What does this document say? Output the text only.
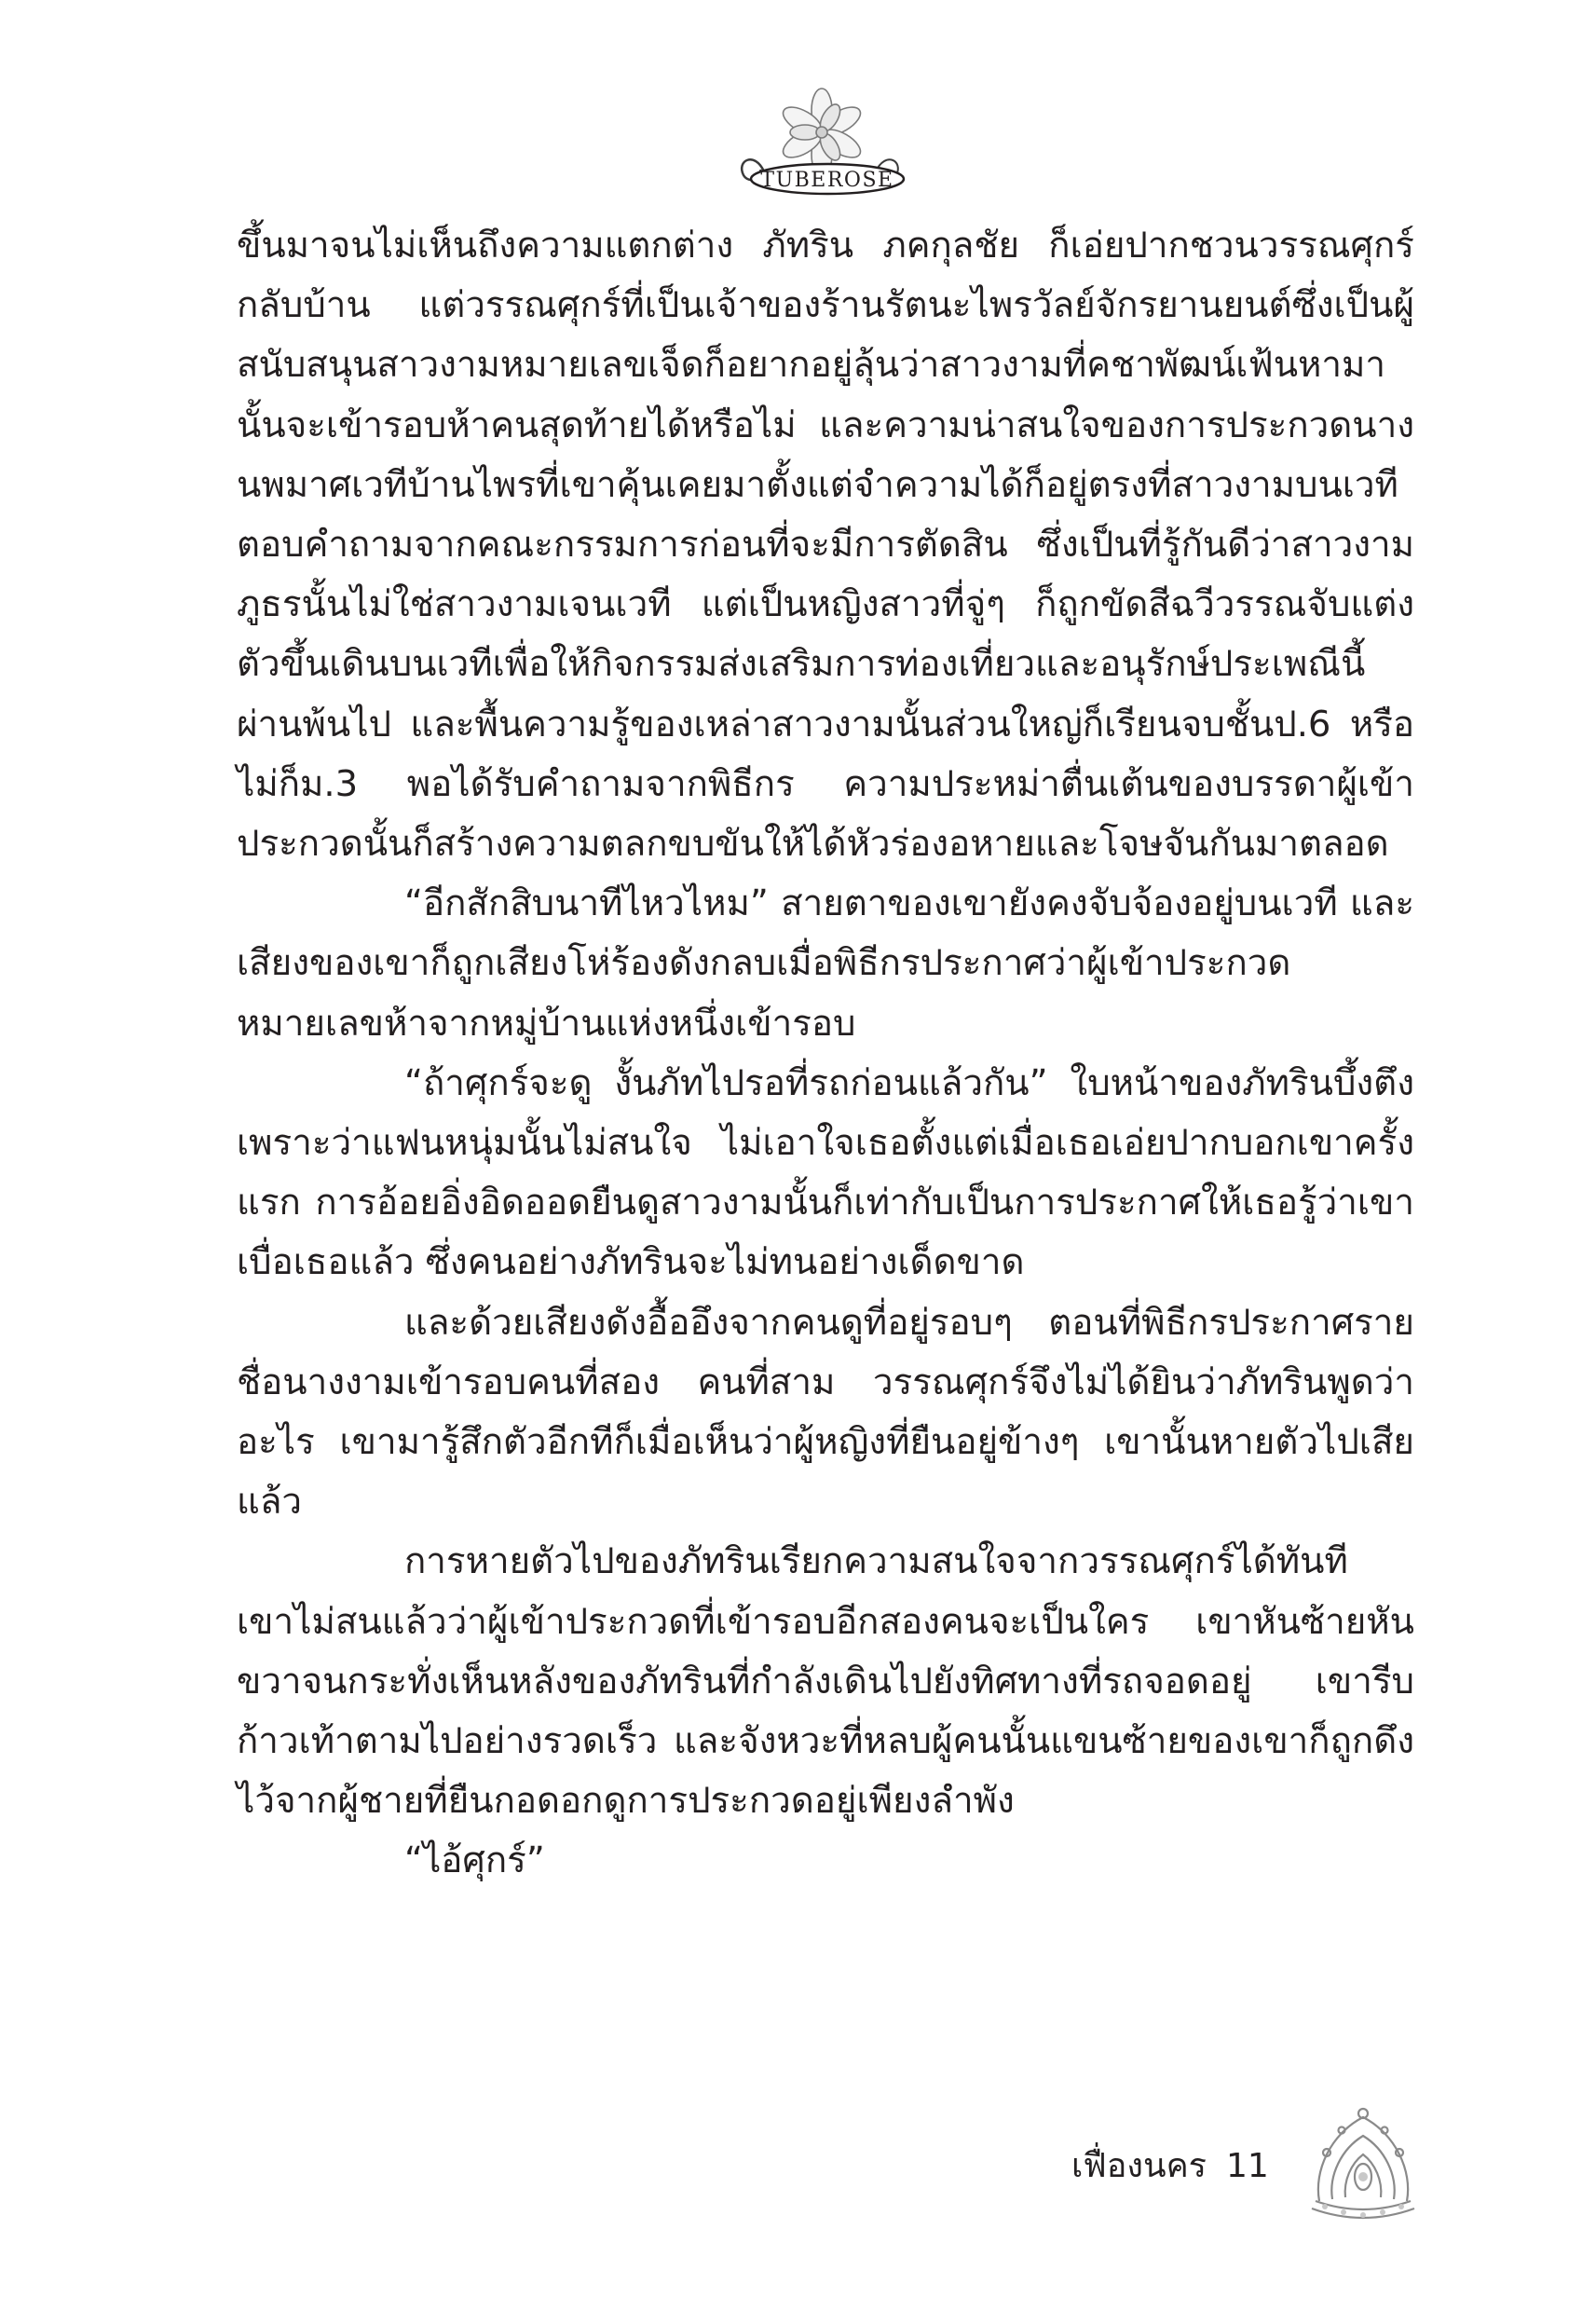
TUBEROSE

ขึ้นมาจนไม่เห็นถึงความแตกต่าง ภัทริน ภคกุลชัย ก็เอ่ยปากชวนวรรณศุกร์กลับบ้าน แต่วรรณศุกร์ที่เป็นเจ้าของร้านรัตนะไพรวัลย์จักรยานยนต์ซึ่งเป็นผู้สนับสนุนสาวงามหมายเลขเจ็ดก็อยากอยู่ลุ้นว่าสาวงามที่คชาพัฒน์เฟ้นหามานั้นจะเข้ารอบห้าคนสุดท้ายได้หรือไม่ และความน่าสนใจของการประกวดนางนพมาศเวทีบ้านไพรที่เขาคุ้นเคยมาตั้งแต่จำความได้ก็อยู่ตรงที่สาวงามบนเวทีตอบคำถามจากคณะกรรมการก่อนที่จะมีการตัดสิน ซึ่งเป็นที่รู้กันดีว่าสาวงามภูธรนั้นไม่ใช่สาวงามเจนเวที แต่เป็นหญิงสาวที่จู่ๆ ก็ถูกขัดสีฉวีวรรณจับแต่งตัวขึ้นเดินบนเวทีเพื่อให้กิจกรรมส่งเสริมการท่องเที่ยวและอนุรักษ์ประเพณีนี้ผ่านพ้นไป และพื้นความรู้ของเหล่าสาวงามนั้นส่วนใหญ่ก็เรียนจบชั้นป.6 หรือไม่ก็ม.3 พอได้รับคำถามจากพิธีกร ความประหม่าตื่นเต้นของบรรดาผู้เข้าประกวดนั้นก็สร้างความตลกขบขันให้ได้หัวร่องอหายและโจษจันกันมาตลอด

“อีกสักสิบนาทีไหวไหม” สายตาของเขายังคงจับจ้องอยู่บนเวที และเสียงของเขาก็ถูกเสียงโห่ร้องดังกลบเมื่อพิธีกรประกาศว่าผู้เข้าประกวดหมายเลขห้าจากหมู่บ้านแห่งหนึ่งเข้ารอบ

“ถ้าศุกร์จะดู งั้นภัทไปรอที่รถก่อนแล้วกัน” ใบหน้าของภัทรินบึ้งตึงเพราะว่าแฟนหนุ่มนั้นไม่สนใจ ไม่เอาใจเธอตั้งแต่เมื่อเธอเอ่ยปากบอกเขาครั้งแรก การอ้อยอิ่งอิดออดยืนดูสาวงามนั้นก็เท่ากับเป็นการประกาศให้เธอรู้ว่าเขาเบื่อเธอแล้ว ซึ่งคนอย่างภัทรินจะไม่ทนอย่างเด็ดขาด

และด้วยเสียงดังอื้ออึงจากคนดูที่อยู่รอบๆ ตอนที่พิธีกรประกาศรายชื่อนางงามเข้ารอบคนที่สอง คนที่สาม วรรณศุกร์จึงไม่ได้ยินว่าภัทรินพูดว่าอะไร เขามารู้สึกตัวอีกทีก็เมื่อเห็นว่าผู้หญิงที่ยืนอยู่ข้างๆ เขานั้นหายตัวไปเสียแล้ว

การหายตัวไปของภัทรินเรียกความสนใจจากวรรณศุกร์ได้ทันที เขาไม่สนแล้วว่าผู้เข้าประกวดที่เข้ารอบอีกสองคนจะเป็นใคร เขาหันซ้ายหันขวาจนกระทั่งเห็นหลังของภัทรินที่กำลังเดินไปยังทิศทางที่รถจอดอยู่ เขารีบก้าวเท้าตามไปอย่างรวดเร็ว และจังหวะที่หลบผู้คนนั้นแขนซ้ายของเขาก็ถูกดึงไว้จากผู้ชายที่ยืนกอดอกดูการประกวดอยู่เพียงลำพัง

“ไอ้ศุกร์”

เฟื่องนคร 11
